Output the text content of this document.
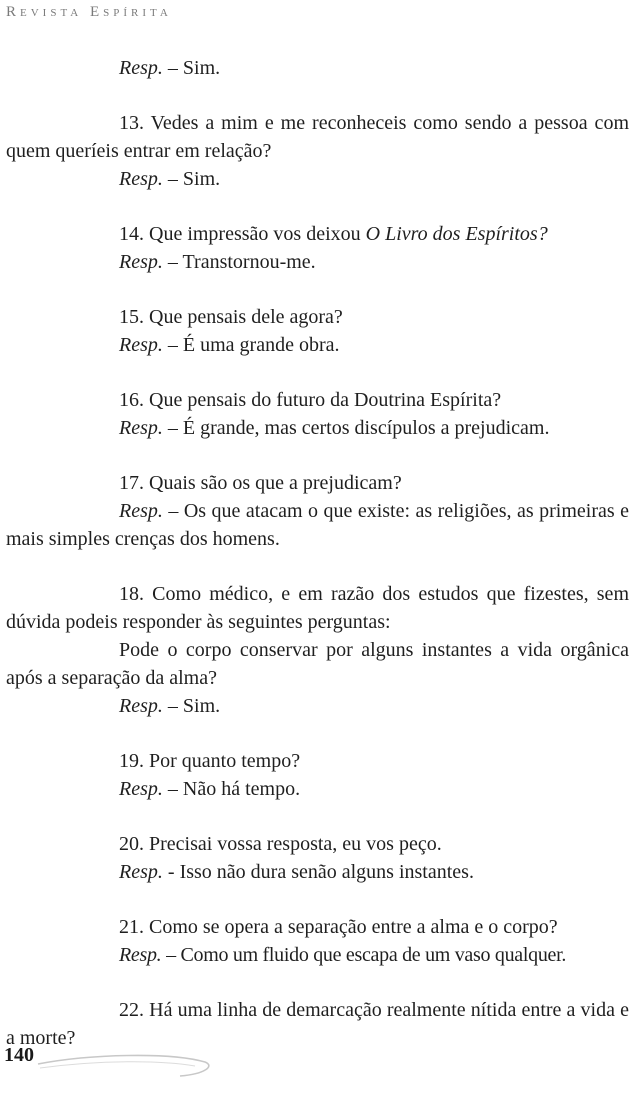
Revista Espírita

Resp. – Sim.

13. Vedes a mim e me reconheceis como sendo a pessoa com quem queríeis entrar em relação?

Resp. – Sim.

14. Que impressão vos deixou O Livro dos Espíritos?

Resp. – Transtornou-me.

15. Que pensais dele agora?

Resp. – É uma grande obra.

16. Que pensais do futuro da Doutrina Espírita?

Resp. – É grande, mas certos discípulos a prejudicam.

17. Quais são os que a prejudicam?

Resp. – Os que atacam o que existe: as religiões, as primeiras e mais simples crenças dos homens.

18. Como médico, e em razão dos estudos que fizestes, sem dúvida podeis responder às seguintes perguntas:

Pode o corpo conservar por alguns instantes a vida orgânica após a separação da alma?

Resp. – Sim.

19. Por quanto tempo?

Resp. – Não há tempo.

20. Precisai vossa resposta, eu vos peço.

Resp. - Isso não dura senão alguns instantes.

21. Como se opera a separação entre a alma e o corpo?

Resp. – Como um fluido que escapa de um vaso qualquer.

22. Há uma linha de demarcação realmente nítida entre a vida e a morte?

140
